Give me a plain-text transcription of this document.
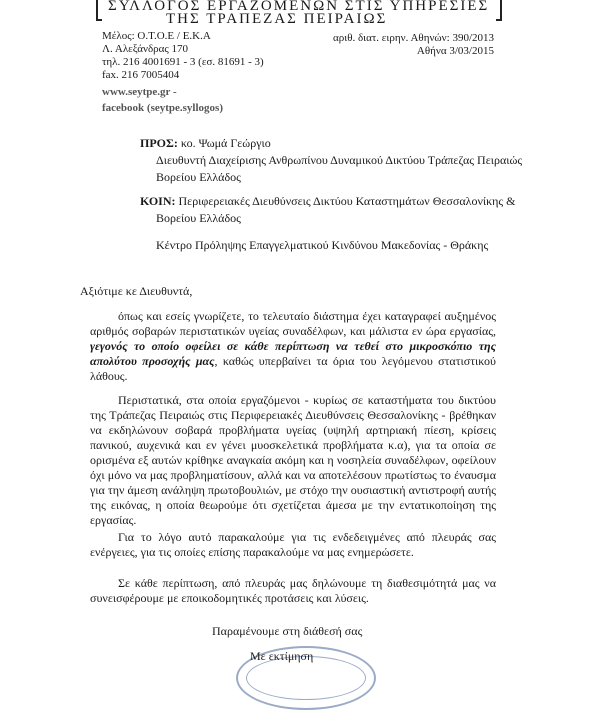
ΣΥΛΛΟΓΟΣ ΕΡΓΑΖΟΜΕΝΩΝ ΣΤΙΣ ΥΠΗΡΕΣΙΕΣ
ΤΗΣ ΤΡΑΠΕΖΑΣ ΠΕΙΡΑΙΩΣ
Μέλος: Ο.Τ.Ο.Ε / Ε.Κ.Α
Λ. Αλεξάνδρας 170
τηλ. 216 4001691 - 3 (εσ. 81691 - 3)
fax. 216 7005404
www.seytpe.gr -
facebook (seytpe.syllogos)
αριθ. διατ. ειρην. Αθηνών: 390/2013
Αθήνα 3/03/2015
ΠΡΟΣ: κο. Ψωμά Γεώργιο
Διευθυντή Διαχείρισης Ανθρωπίνου Δυναμικού Δικτύου Τράπεζας Πειραιώς
Βορείου Ελλάδος
ΚΟΙΝ: Περιφερειακές Διευθύνσεις Δικτύου Καταστημάτων Θεσσαλονίκης &
Βορείου Ελλάδος
Κέντρο Πρόληψης Επαγγελματικού Κινδύνου Μακεδονίας - Θράκης
Αξιότιμε κε Διευθυντά,
όπως και εσείς γνωρίζετε, το τελευταίο διάστημα έχει καταγραφεί αυξημένος αριθμός σοβαρών περιστατικών υγείας συναδέλφων, και μάλιστα εν ώρα εργασίας, γεγονός το οποίο οφείλει σε κάθε περίπτωση να τεθεί στο μικροσκόπιο της απολύτου προσοχής μας, καθώς υπερβαίνει τα όρια του λεγόμενου στατιστικού λάθους.
Περιστατικά, στα οποία εργαζόμενοι - κυρίως σε καταστήματα του δικτύου της Τράπεζας Πειραιώς στις Περιφερειακές Διευθύνσεις Θεσσαλονίκης - βρέθηκαν να εκδηλώνουν σοβαρά προβλήματα υγείας (υψηλή αρτηριακή πίεση, κρίσεις πανικού, αυχενικά και εν γένει μυοσκελετικά προβλήματα κ.α), για τα οποία σε ορισμένα εξ αυτών κρίθηκε αναγκαία ακόμη και η νοσηλεία συναδέλφων, οφείλουν όχι μόνο να μας προβληματίσουν, αλλά και να αποτελέσουν πρωτίστως το έναυσμα για την άμεση ανάληψη πρωτοβουλιών, με στόχο την ουσιαστική αντιστροφή αυτής της εικόνας, η οποία θεωρούμε ότι σχετίζεται άμεσα με την εντατικοποίηση της εργασίας.
Για το λόγο αυτό παρακαλούμε για τις ενδεδειγμένες από πλευράς σας ενέργειες, για τις οποίες επίσης παρακαλούμε να μας ενημερώσετε.
Σε κάθε περίπτωση, από πλευράς μας δηλώνουμε τη διαθεσιμότητά μας να συνεισφέρουμε με εποικοδομητικές προτάσεις και λύσεις.
Παραμένουμε στη διάθεσή σας
Με εκτίμηση
